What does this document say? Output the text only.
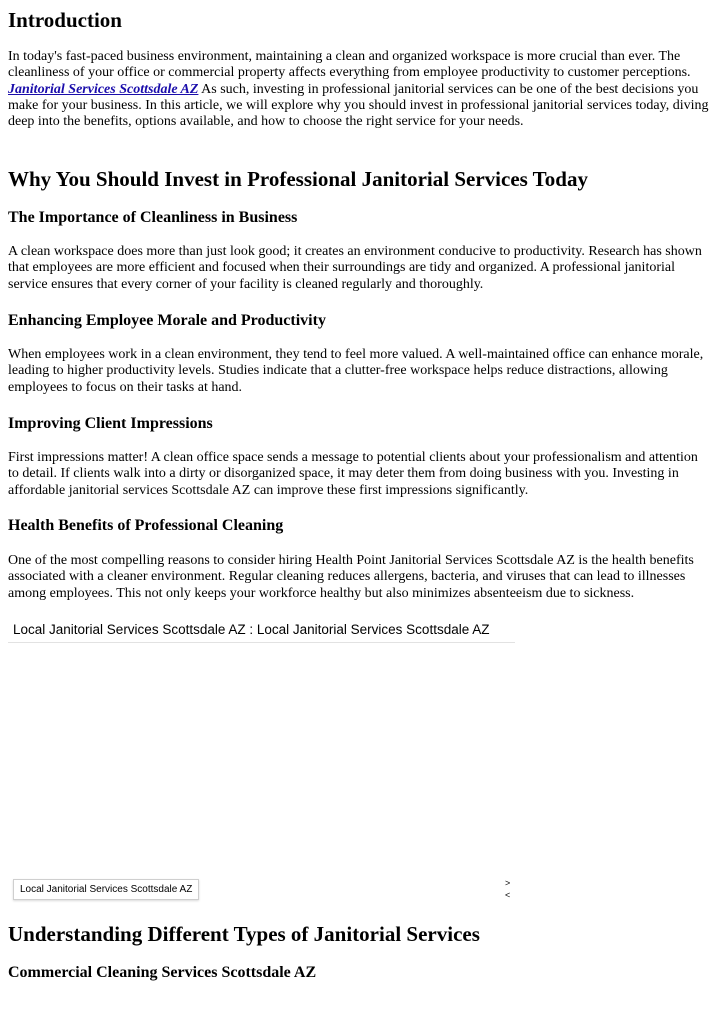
Introduction

In today's fast-paced business environment, maintaining a clean and organized workspace is more crucial than ever. The cleanliness of your office or commercial property affects everything from employee productivity to customer perceptions. Janitorial Services Scottsdale AZ As such, investing in professional janitorial services can be one of the best decisions you make for your business. In this article, we will explore why you should invest in professional janitorial services today, diving deep into the benefits, options available, and how to choose the right service for your needs.

Why You Should Invest in Professional Janitorial Services Today
The Importance of Cleanliness in Business

A clean workspace does more than just look good; it creates an environment conducive to productivity. Research has shown that employees are more efficient and focused when their surroundings are tidy and organized. A professional janitorial service ensures that every corner of your facility is cleaned regularly and thoroughly.

Enhancing Employee Morale and Productivity

When employees work in a clean environment, they tend to feel more valued. A well-maintained office can enhance morale, leading to higher productivity levels. Studies indicate that a clutter-free workspace helps reduce distractions, allowing employees to focus on their tasks at hand.

Improving Client Impressions

First impressions matter! A clean office space sends a message to potential clients about your professionalism and attention to detail. If clients walk into a dirty or disorganized space, it may deter them from doing business with you. Investing in affordable janitorial services Scottsdale AZ can improve these first impressions significantly.

Health Benefits of Professional Cleaning

One of the most compelling reasons to consider hiring Health Point Janitorial Services Scottsdale AZ is the health benefits associated with a cleaner environment. Regular cleaning reduces allergens, bacteria, and viruses that can lead to illnesses among employees. This not only keeps your workforce healthy but also minimizes absenteeism due to sickness.

Local Janitorial Services Scottsdale AZ : Local Janitorial Services Scottsdale AZ
Local Janitorial Services Scottsdale AZ
>
<
Understanding Different Types of Janitorial Services
Commercial Cleaning Services Scottsdale AZ
